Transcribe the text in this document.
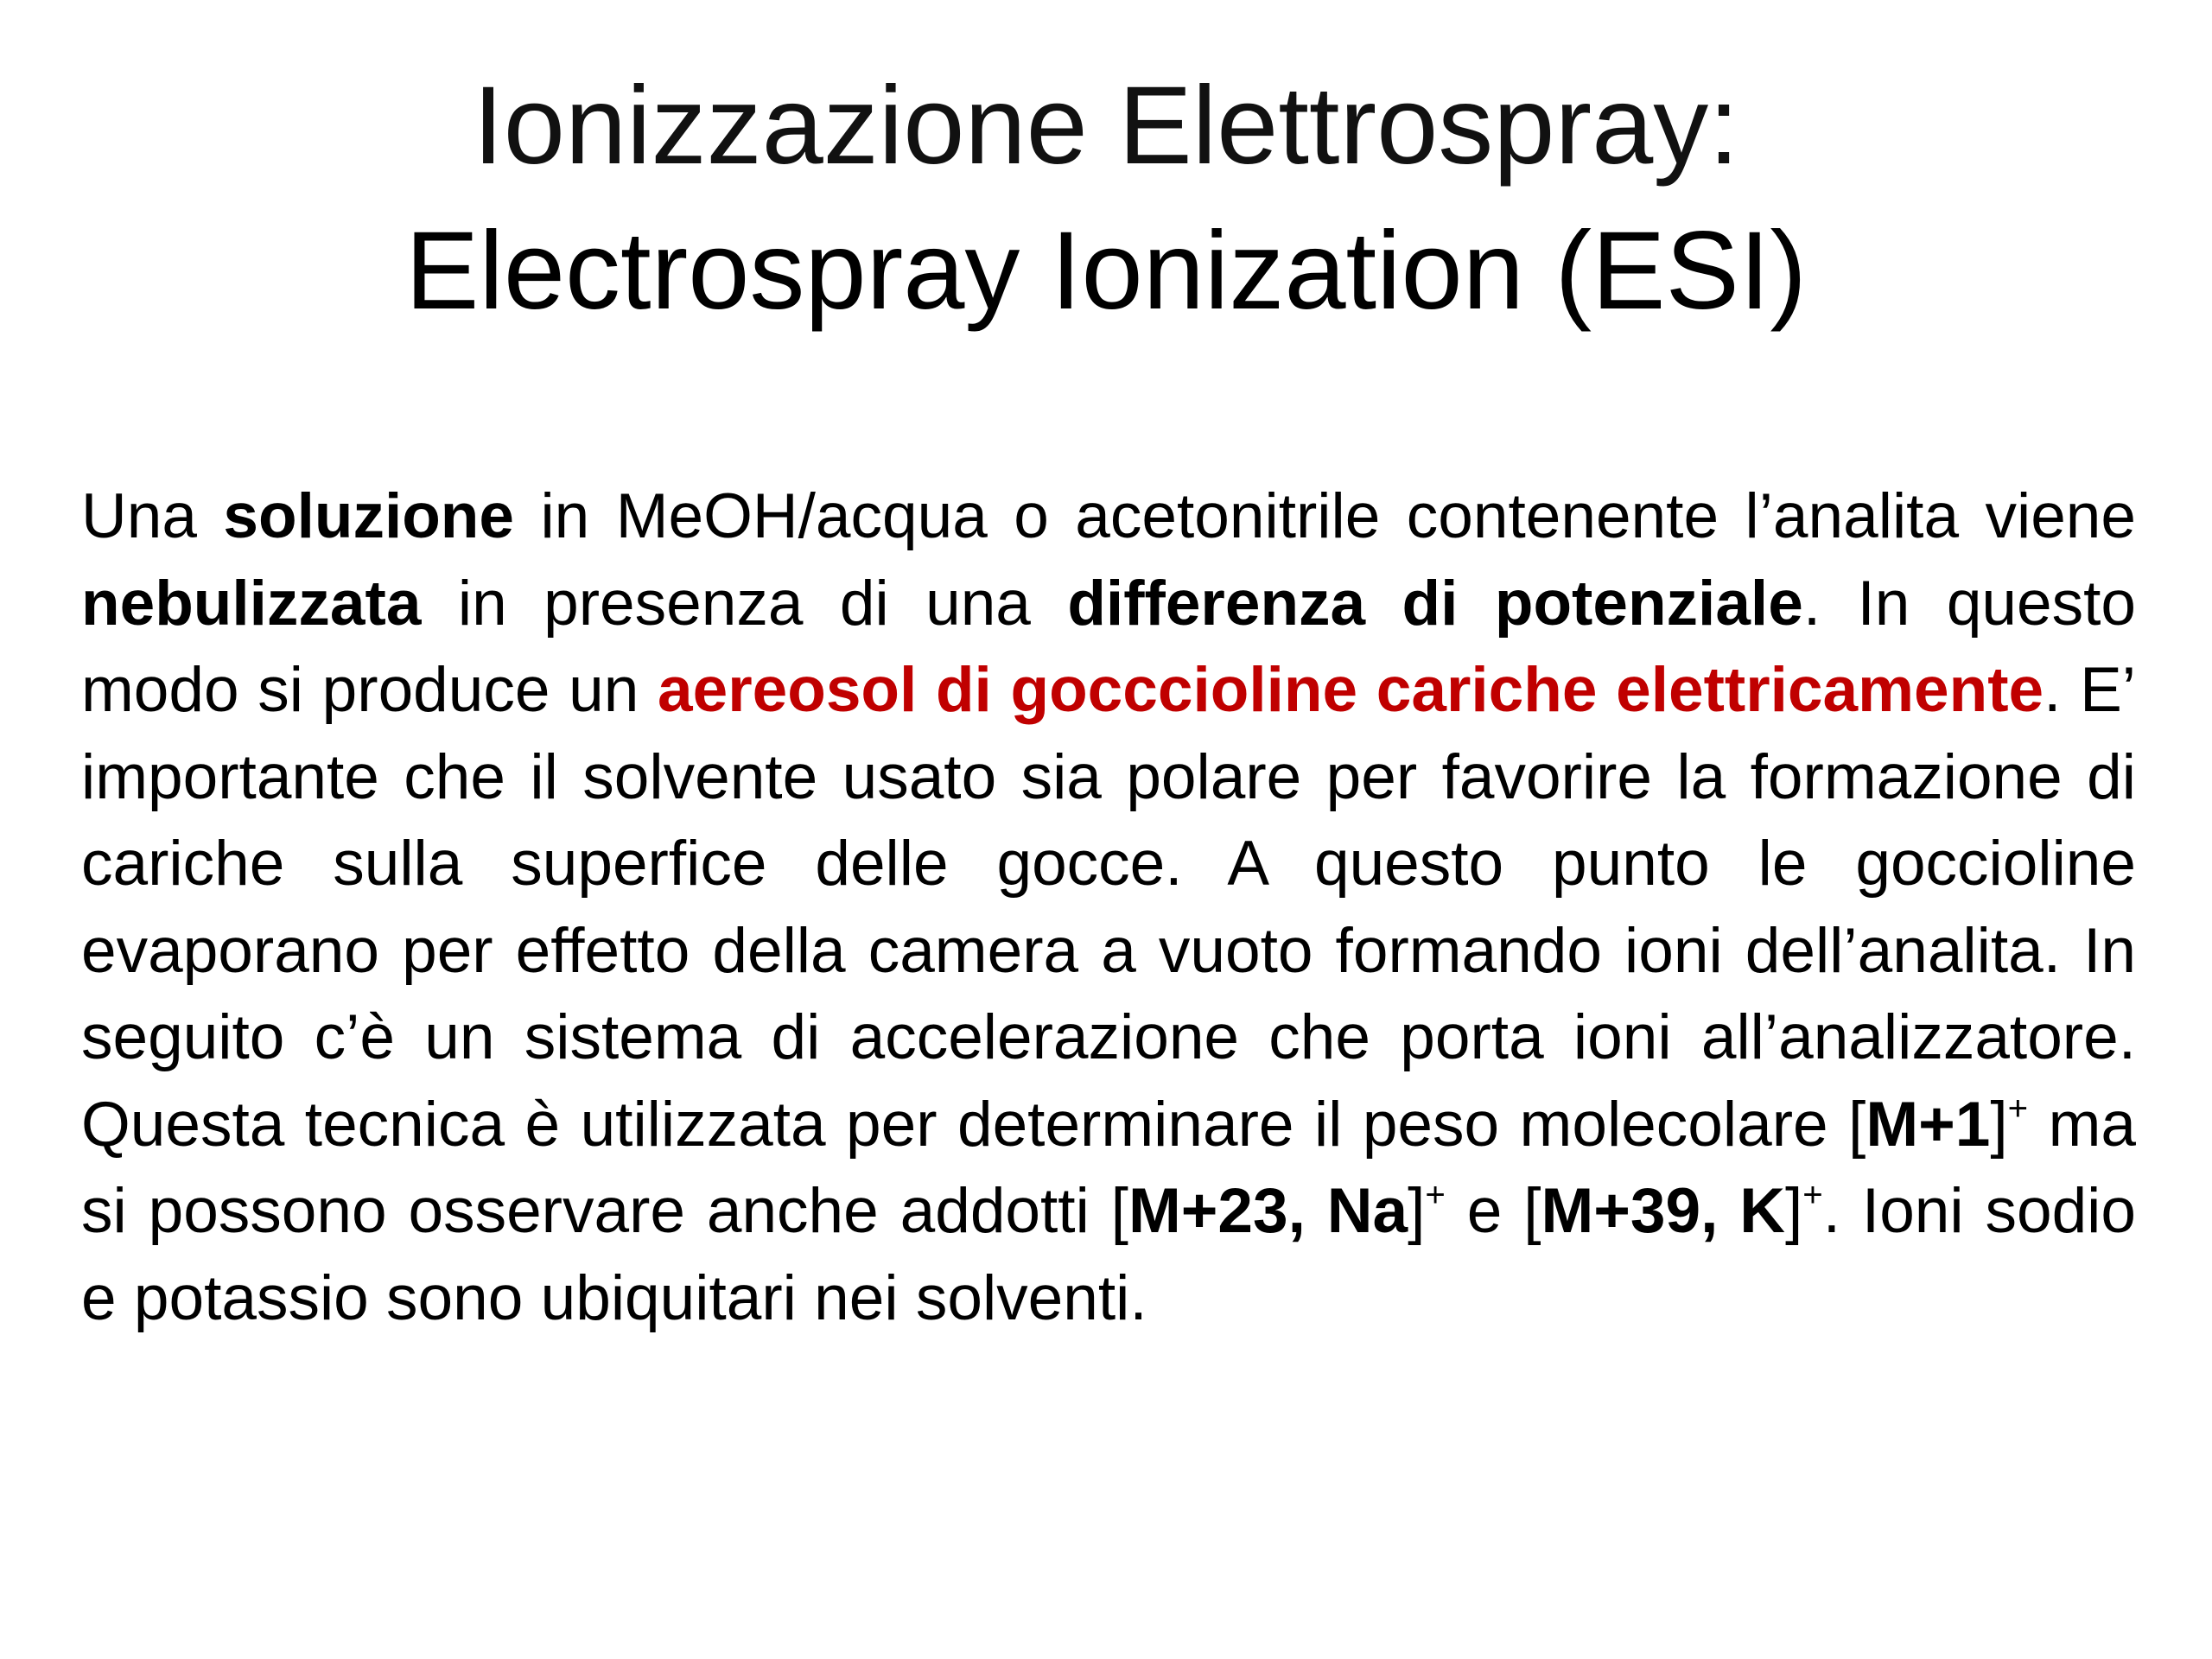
Ionizzazione Elettrospray:
Electrospray Ionization (ESI)
Una soluzione in MeOH/acqua o acetonitrile contenente l’analita viene nebulizzata in presenza di una differenza di potenziale. In questo modo si produce un aereosol di gocccioline cariche elettricamente. E’ importante che il solvente usato sia polare per favorire la formazione di cariche sulla superfice delle gocce. A questo punto le goccioline evaporano per effetto della camera a vuoto formando ioni dell’analita. In seguito c’è un sistema di accelerazione che porta ioni all’analizzatore. Questa tecnica è utilizzata per determinare il peso molecolare [M+1]+ ma si possono osservare anche addotti [M+23, Na]+ e [M+39, K]+. Ioni sodio e potassio sono ubiquitari nei solventi.
